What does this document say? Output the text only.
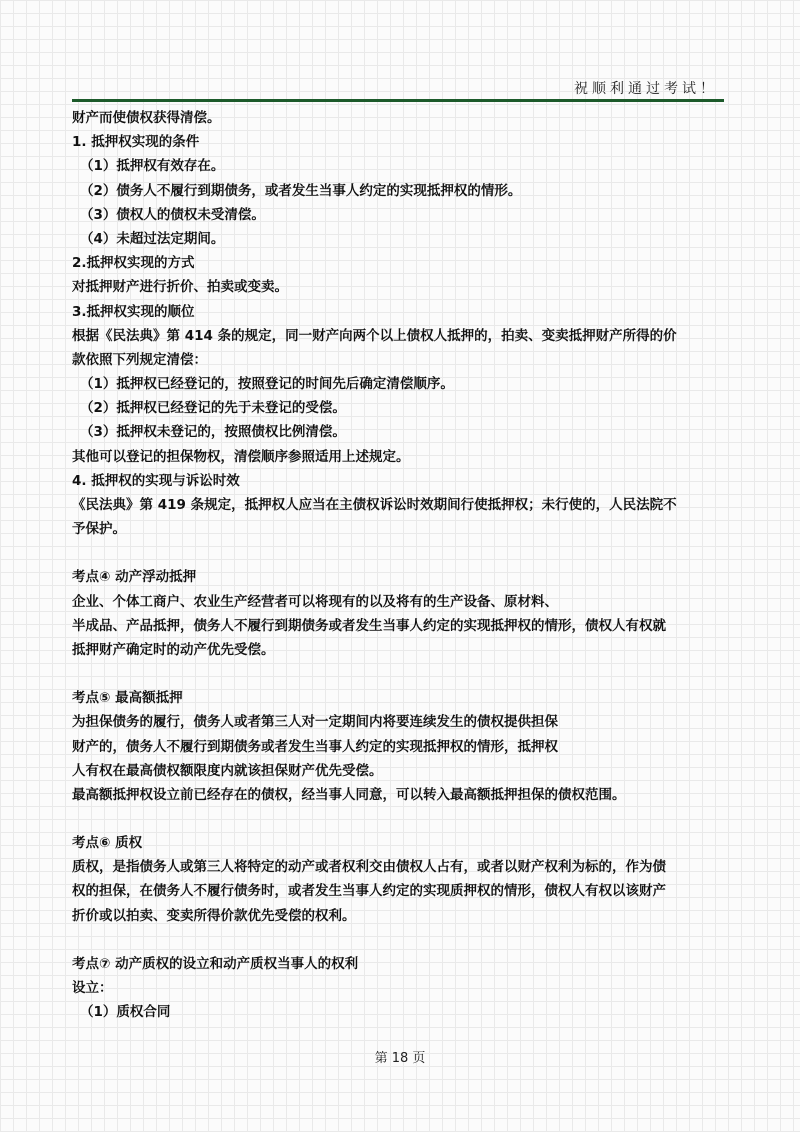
祝顺利通过考试！
财产而使债权获得清偿。
1. 抵押权实现的条件
（1）抵押权有效存在。
（2）债务人不履行到期债务，或者发生当事人约定的实现抵押权的情形。
（3）债权人的债权未受清偿。
（4）未超过法定期间。
2.抵押权实现的方式
对抵押财产进行折价、拍卖或变卖。
3.抵押权实现的顺位
根据《民法典》第 414 条的规定，同一财产向两个以上债权人抵押的，拍卖、变卖抵押财产所得的价
款依照下列规定清偿：
（1）抵押权已经登记的，按照登记的时间先后确定清偿顺序。
（2）抵押权已经登记的先于未登记的受偿。
（3）抵押权未登记的，按照债权比例清偿。
其他可以登记的担保物权，清偿顺序参照适用上述规定。
4. 抵押权的实现与诉讼时效
《民法典》第 419 条规定，抵押权人应当在主债权诉讼时效期间行使抵押权；未行使的，人民法院不
予保护。
考点④ 动产浮动抵押
企业、个体工商户、农业生产经营者可以将现有的以及将有的生产设备、原材料、
半成品、产品抵押，债务人不履行到期债务或者发生当事人约定的实现抵押权的情形，债权人有权就
抵押财产确定时的动产优先受偿。
考点⑤ 最高额抵押
为担保债务的履行，债务人或者第三人对一定期间内将要连续发生的债权提供担保
财产的，债务人不履行到期债务或者发生当事人约定的实现抵押权的情形，抵押权
人有权在最高债权额限度内就该担保财产优先受偿。
最高额抵押权设立前已经存在的债权，经当事人同意，可以转入最高额抵押担保的债权范围。
考点⑥ 质权
质权，是指债务人或第三人将特定的动产或者权利交由债权人占有，或者以财产权利为标的，作为债
权的担保，在债务人不履行债务时，或者发生当事人约定的实现质押权的情形，债权人有权以该财产
折价或以拍卖、变卖所得价款优先受偿的权利。
考点⑦ 动产质权的设立和动产质权当事人的权利
设立：
（1）质权合同
第 18 页
